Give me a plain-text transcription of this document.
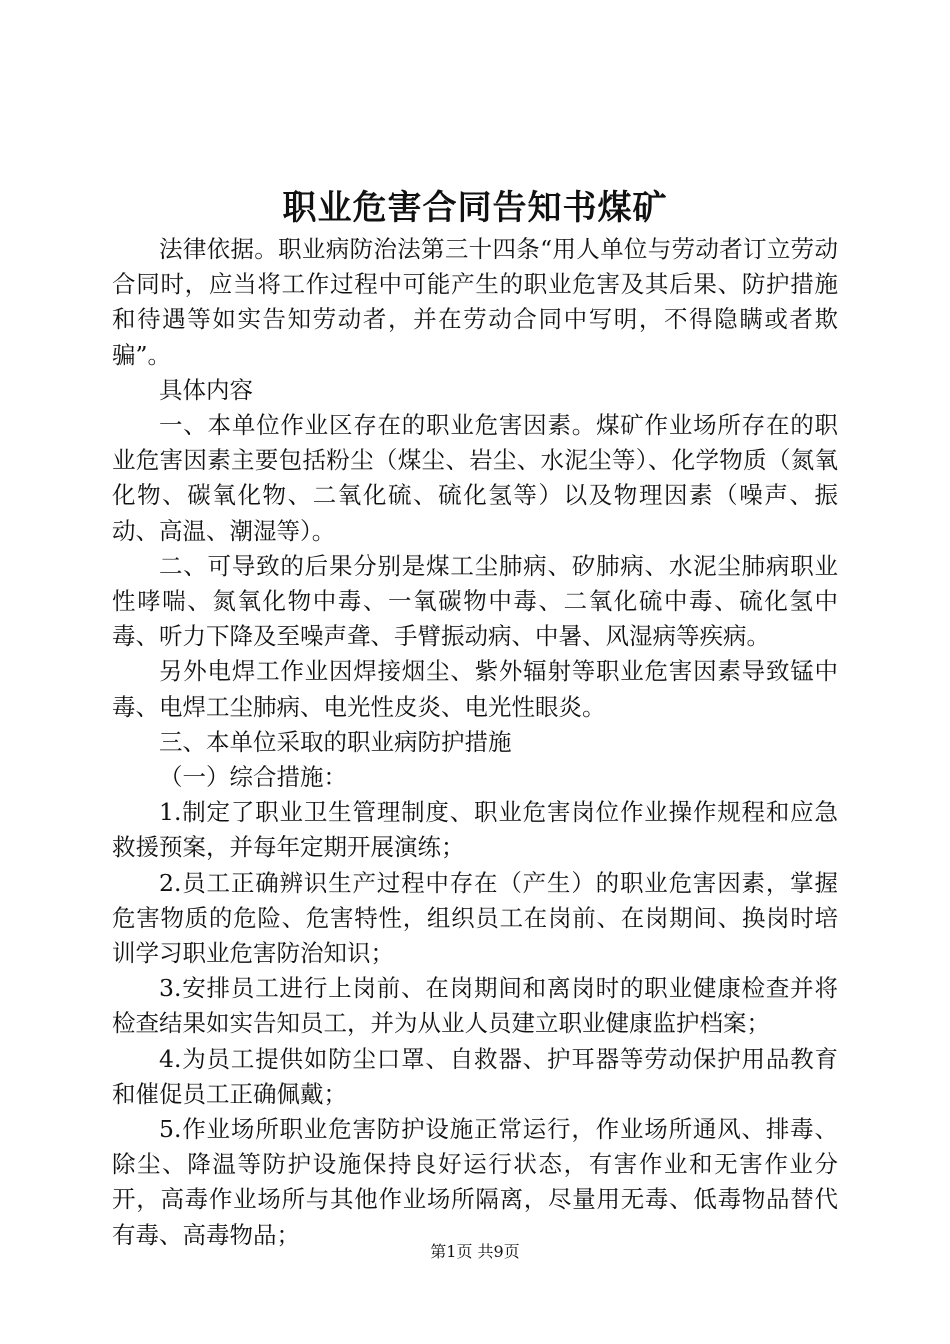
职业危害合同告知书煤矿

法律依据。职业病防治法第三十四条“用人单位与劳动者订立劳动合同时，应当将工作过程中可能产生的职业危害及其后果、防护措施和待遇等如实告知劳动者，并在劳动合同中写明，不得隐瞒或者欺骗”。

具体内容

一、本单位作业区存在的职业危害因素。煤矿作业场所存在的职业危害因素主要包括粉尘（煤尘、岩尘、水泥尘等）、化学物质（氮氧化物、碳氧化物、二氧化硫、硫化氢等）以及物理因素（噪声、振动、高温、潮湿等）。

二、可导致的后果分别是煤工尘肺病、矽肺病、水泥尘肺病职业性哮喘、氮氧化物中毒、一氧碳物中毒、二氧化硫中毒、硫化氢中毒、听力下降及至噪声聋、手臂振动病、中暑、风湿病等疾病。

另外电焊工作业因焊接烟尘、紫外辐射等职业危害因素导致锰中毒、电焊工尘肺病、电光性皮炎、电光性眼炎。

三、本单位采取的职业病防护措施

（一）综合措施：

1.制定了职业卫生管理制度、职业危害岗位作业操作规程和应急救援预案，并每年定期开展演练；

2.员工正确辨识生产过程中存在（产生）的职业危害因素，掌握危害物质的危险、危害特性，组织员工在岗前、在岗期间、换岗时培训学习职业危害防治知识；

3.安排员工进行上岗前、在岗期间和离岗时的职业健康检查并将检查结果如实告知员工，并为从业人员建立职业健康监护档案；

4.为员工提供如防尘口罩、自救器、护耳器等劳动保护用品教育和催促员工正确佩戴；

5.作业场所职业危害防护设施正常运行，作业场所通风、排毒、除尘、降温等防护设施保持良好运行状态，有害作业和无害作业分开，高毒作业场所与其他作业场所隔离，尽量用无毒、低毒物品替代有毒、高毒物品；

第1页 共9页
